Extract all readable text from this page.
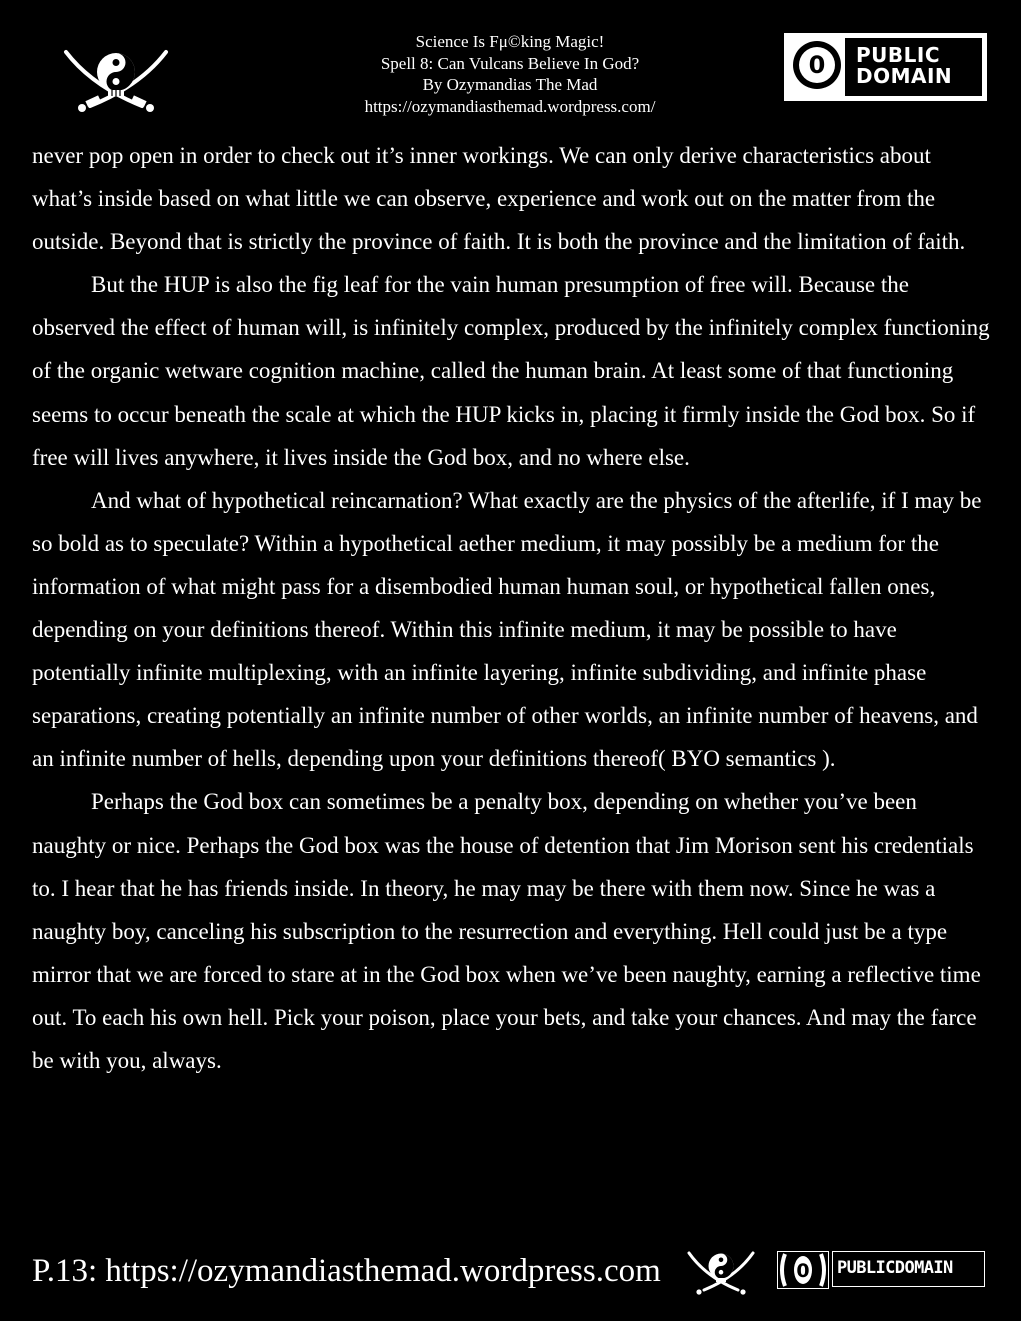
Science Is Fμ©king Magic!
Spell 8: Can Vulcans Believe In God?
By Ozymandias The Mad
https://ozymandiasthemad.wordpress.com/
0 PUBLIC
DOMAIN

never pop open in order to check out it’s inner workings. We can only derive characteristics about what’s inside based on what little we can observe, experience and work out on the matter from the outside. Beyond that is strictly the province of faith. It is both the province and the limitation of faith.

But the HUP is also the fig leaf for the vain human presumption of free will. Because the observed the effect of human will, is infinitely complex, produced by the infinitely complex functioning of the organic wetware cognition machine, called the human brain. At least some of that functioning seems to occur beneath the scale at which the HUP kicks in, placing it firmly inside the God box. So if free will lives anywhere, it lives inside the God box, and no where else.

And what of hypothetical reincarnation? What exactly are the physics of the afterlife, if I may be so bold as to speculate? Within a hypothetical aether medium, it may possibly be a medium for the information of what might pass for a disembodied human human soul, or hypothetical fallen ones, depending on your definitions thereof. Within this infinite medium, it may be possible to have potentially infinite multiplexing, with an infinite layering, infinite subdividing, and infinite phase separations, creating potentially an infinite number of other worlds, an infinite number of heavens, and an infinite number of hells, depending upon your definitions thereof( BYO semantics ).

Perhaps the God box can sometimes be a penalty box, depending on whether you’ve been naughty or nice. Perhaps the God box was the house of detention that Jim Morison sent his credentials to. I hear that he has friends inside. In theory, he may may be there with them now. Since he was a naughty boy, canceling his subscription to the resurrection and everything. Hell could just be a type mirror that we are forced to stare at in the God box when we’ve been naughty, earning a reflective time out. To each his own hell. Pick your poison, place your bets, and take your chances. And may the farce be with you, always.

P.13: https://ozymandiasthemad.wordpress.com	0 PUBLICDOMAIN
